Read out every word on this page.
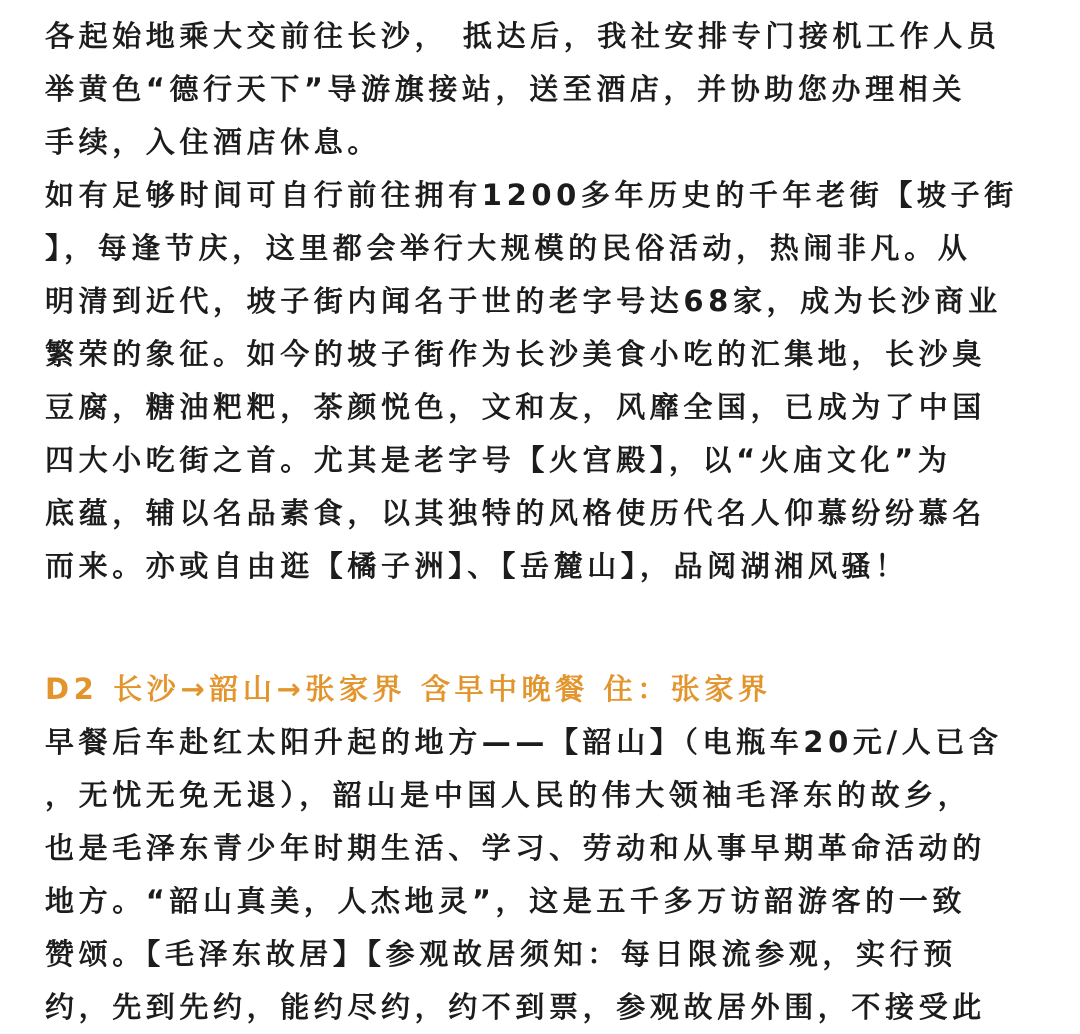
各起始地乘大交前往长沙， 抵达后，我社安排专门接机工作人员
举黄色“德行天下”导游旗接站，送至酒店，并协助您办理相关
手续，入住酒店休息。

如有足够时间可自行前往拥有1200多年历史的千年老街【坡子街
】，每逢节庆，这里都会举行大规模的民俗活动，热闹非凡。从
明清到近代，坡子街内闻名于世的老字号达68家，成为长沙商业
繁荣的象征。如今的坡子街作为长沙美食小吃的汇集地，长沙臭
豆腐，糖油粑粑，茶颜悦色，文和友，风靡全国，已成为了中国
四大小吃街之首。尤其是老字号【火宫殿】，以“火庙文化”为
底蕴，辅以名品素食，以其独特的风格使历代名人仰慕纷纷慕名
而来。亦或自由逛【橘子洲】、【岳麓山】，品阅湖湘风骚！

D2 长沙→韶山→张家界 含早中晚餐 住：张家界

早餐后车赴红太阳升起的地方——【韶山】（电瓶车20元/人已含
，无忧无免无退），韶山是中国人民的伟大领袖毛泽东的故乡，
也是毛泽东青少年时期生活、学习、劳动和从事早期革命活动的
地方。“韶山真美，人杰地灵”，这是五千多万访韶游客的一致
赞颂。【毛泽东故居】【参观故居须知：每日限流参观，实行预
约，先到先约，能约尽约，约不到票，参观故居外围，不接受此
